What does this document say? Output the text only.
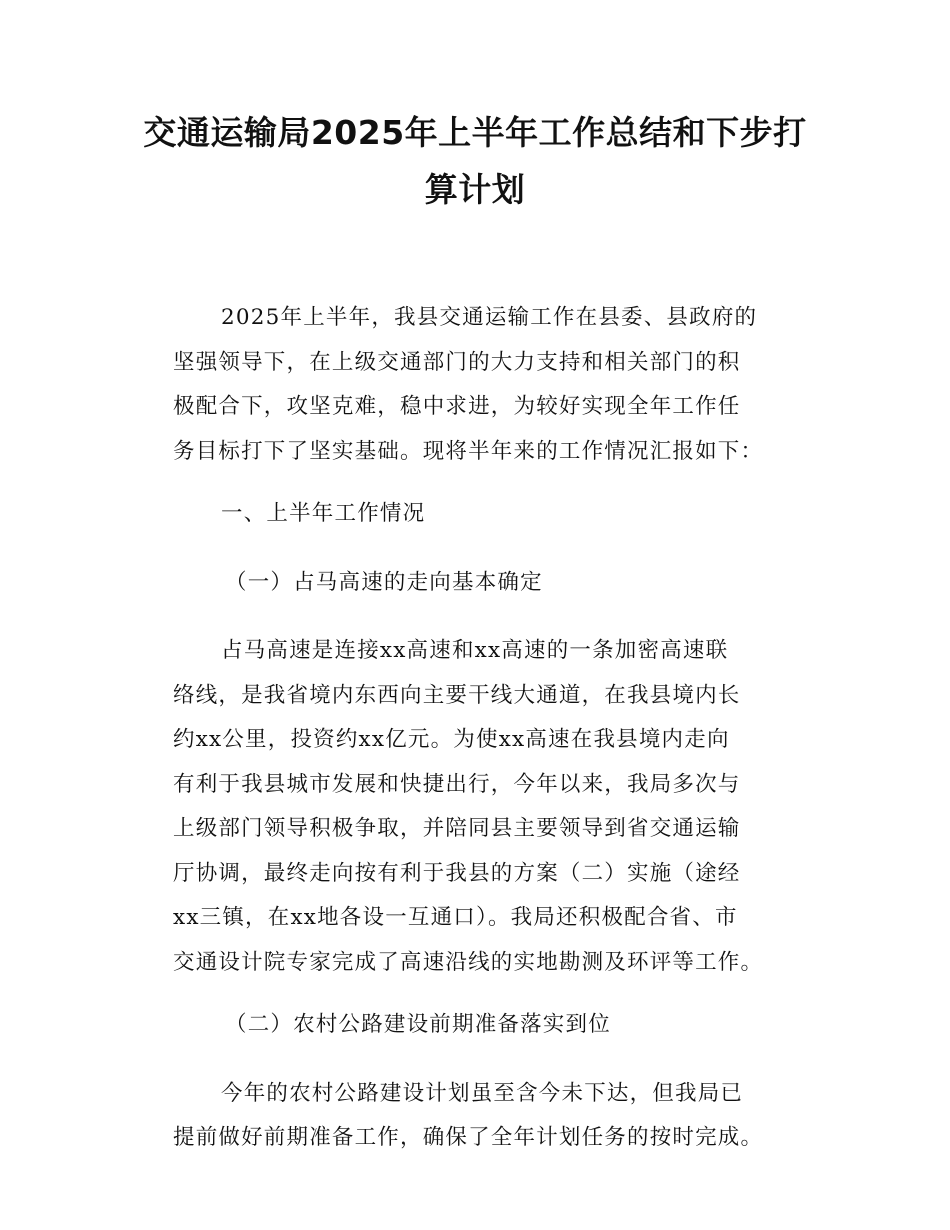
交通运输局2025年上半年工作总结和下步打
算计划

2025年上半年，我县交通运输工作在县委、县政府的
坚强领导下，在上级交通部门的大力支持和相关部门的积
极配合下，攻坚克难，稳中求进，为较好实现全年工作任
务目标打下了坚实基础。现将半年来的工作情况汇报如下：

一、上半年工作情况
（一）占马高速的走向基本确定

占马高速是连接xx高速和xx高速的一条加密高速联
络线，是我省境内东西向主要干线大通道，在我县境内长
约xx公里，投资约xx亿元。为使xx高速在我县境内走向
有利于我县城市发展和快捷出行，今年以来，我局多次与
上级部门领导积极争取，并陪同县主要领导到省交通运输
厅协调，最终走向按有利于我县的方案（二）实施（途经
xx三镇，在xx地各设一互通口）。我局还积极配合省、市
交通设计院专家完成了高速沿线的实地勘测及环评等工作。

（二）农村公路建设前期准备落实到位

今年的农村公路建设计划虽至含今未下达，但我局已
提前做好前期准备工作，确保了全年计划任务的按时完成。
